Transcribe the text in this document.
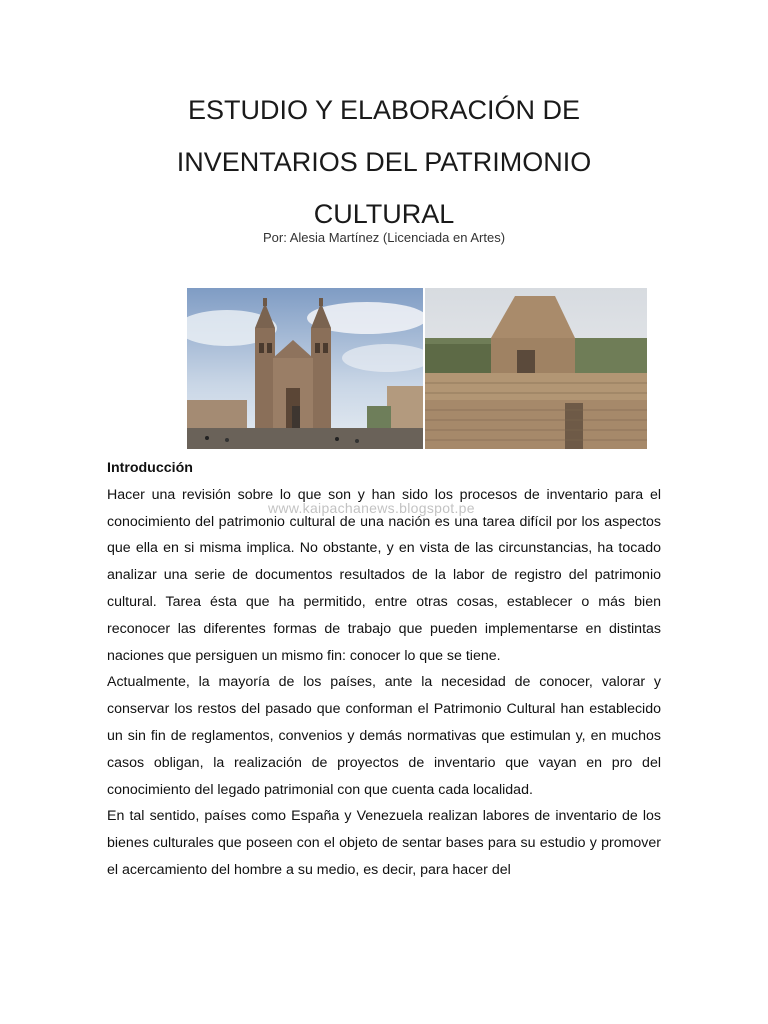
ESTUDIO Y ELABORACIÓN DE
INVENTARIOS DEL PATRIMONIO
CULTURAL
Por: Alesia Martínez (Licenciada en Artes)
www.kaipachanews.blogspot.pe
Introducción

Hacer una revisión sobre lo que son y han sido los procesos de inventario para el conocimiento del patrimonio cultural de una nación es una tarea difícil por los aspectos que ella en si misma implica. No obstante, y en vista de las circunstancias, ha tocado analizar una serie de documentos resultados de la labor de registro del patrimonio cultural. Tarea ésta que ha permitido, entre otras cosas, establecer o más bien reconocer las diferentes formas de trabajo que pueden implementarse en distintas naciones que persiguen un mismo fin: conocer lo que se tiene.

Actualmente, la mayoría de los países, ante la necesidad de conocer, valorar y conservar los restos del pasado que conforman el Patrimonio Cultural han establecido un sin fin de reglamentos, convenios y demás normativas que estimulan y, en muchos casos obligan, la realización de proyectos de inventario que vayan en pro del conocimiento del legado patrimonial con que cuenta cada localidad.

En tal sentido, países como España y Venezuela realizan labores de inventario de los bienes culturales que poseen con el objeto de sentar bases para su estudio y promover el acercamiento del hombre a su medio, es decir, para hacer del
